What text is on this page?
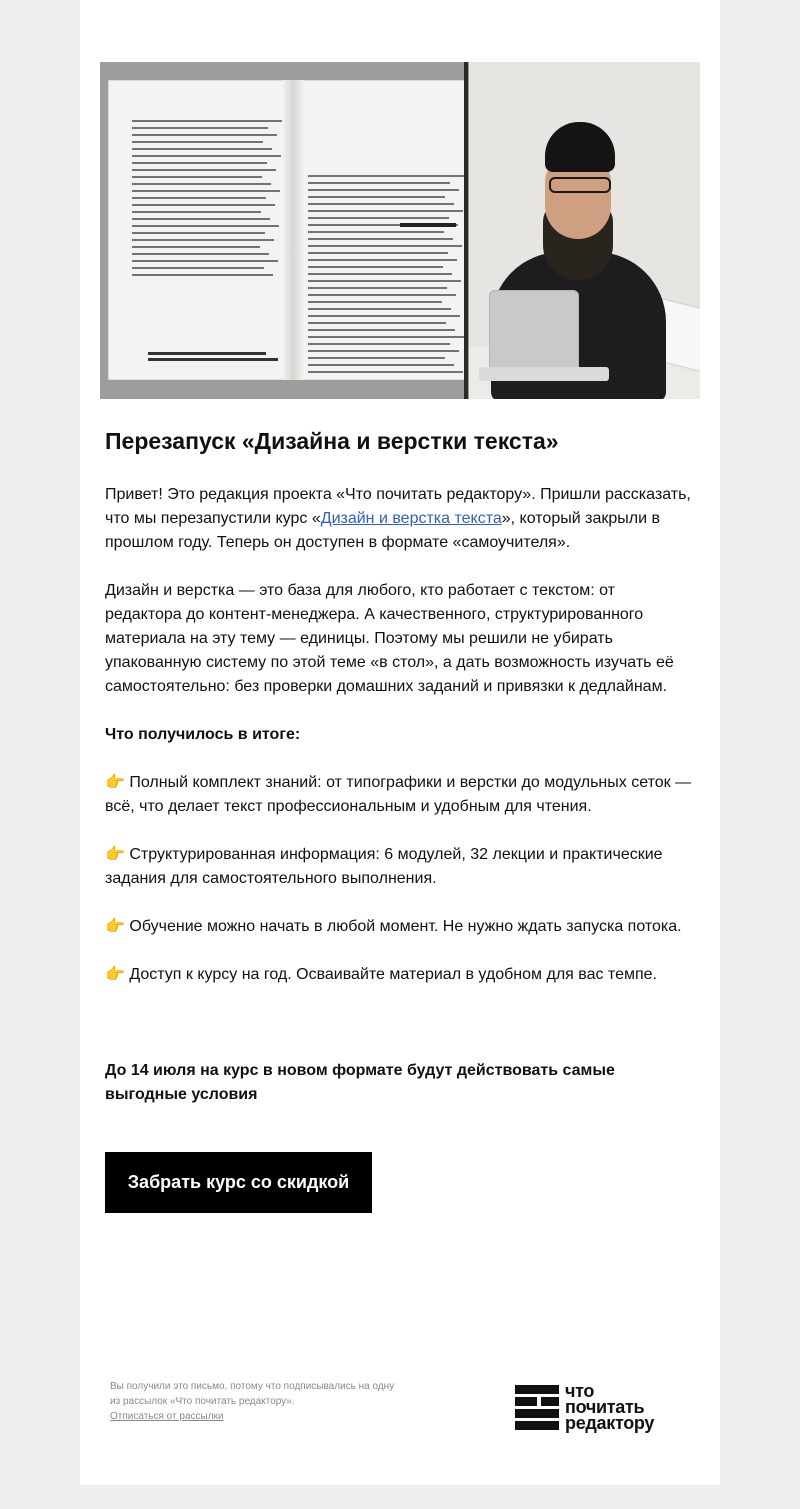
Перезапуск «Дизайна и верстки текста»

Привет! Это редакция проекта «Что почитать редактору». Пришли рассказать, что мы перезапустили курс «Дизайн и верстка текста», который закрыли в прошлом году. Теперь он доступен в формате «самоучителя».

Дизайн и верстка — это база для любого, кто работает с текстом: от редактора до контент-менеджера. А качественного, структурированного материала на эту тему — единицы. Поэтому мы решили не убирать упакованную систему по этой теме «в стол», а дать возможность изучать её самостоятельно: без проверки домашних заданий и привязки к дедлайнам.

Что получилось в итоге:

👉 Полный комплект знаний: от типографики и верстки до модульных сеток — всё, что делает текст профессиональным и удобным для чтения.

👉 Структурированная информация: 6 модулей, 32 лекции и практические задания для самостоятельного выполнения.

👉 Обучение можно начать в любой момент. Не нужно ждать запуска потока.

👉 Доступ к курсу на год. Осваивайте материал в удобном для вас темпе.

До 14 июля на курс в новом формате будут действовать самые выгодные условия

Забрать курс со скидкой
Вы получили это письмо, потому что подписывались на одну из рассылок «Что почитать редактору».
Отписаться от рассылки
что
почитать
редактору
